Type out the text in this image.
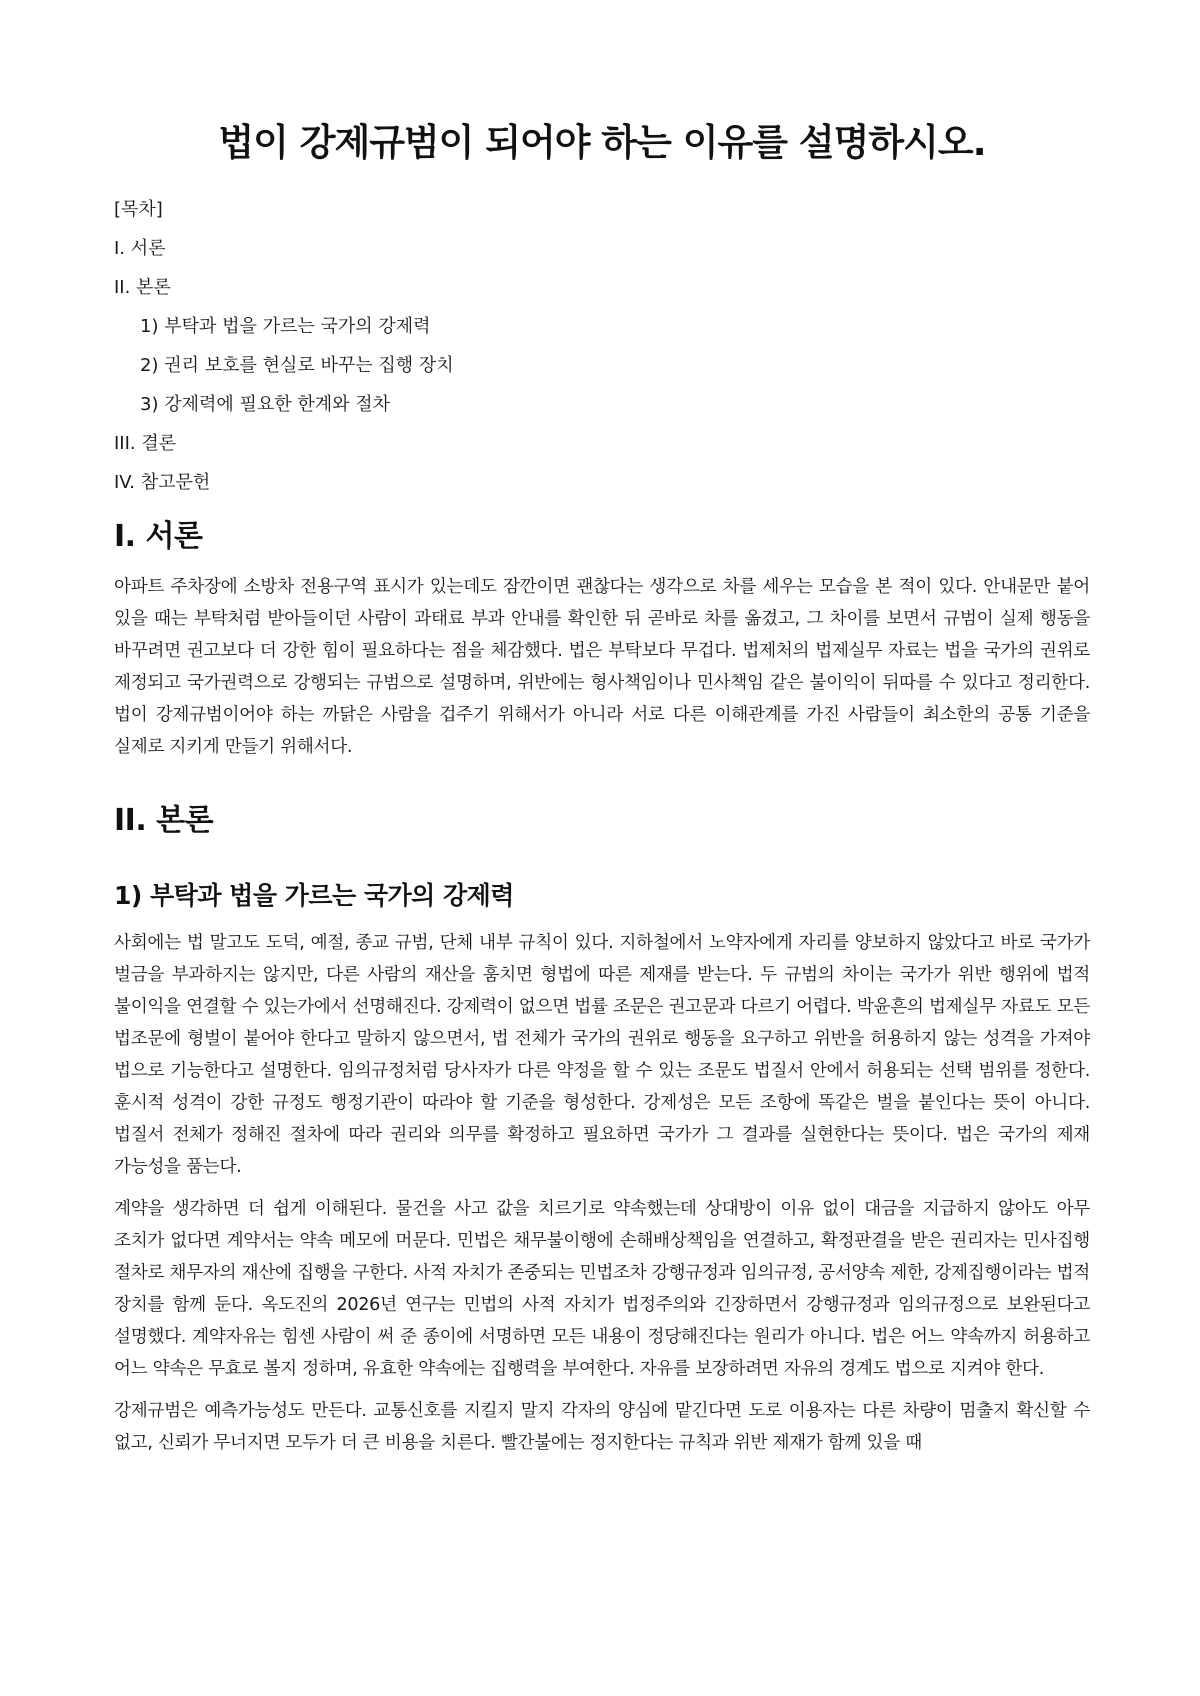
법이 강제규범이 되어야 하는 이유를 설명하시오.
[목차]
I. 서론
II. 본론
1) 부탁과 법을 가르는 국가의 강제력
2) 권리 보호를 현실로 바꾸는 집행 장치
3) 강제력에 필요한 한계와 절차
III. 결론
IV. 참고문헌
I. 서론

아파트 주차장에 소방차 전용구역 표시가 있는데도 잠깐이면 괜찮다는 생각으로 차를 세우는 모습을 본 적이 있다. 안내문만 붙어 있을 때는 부탁처럼 받아들이던 사람이 과태료 부과 안내를 확인한 뒤 곧바로 차를 옮겼고, 그 차이를 보면서 규범이 실제 행동을 바꾸려면 권고보다 더 강한 힘이 필요하다는 점을 체감했다. 법은 부탁보다 무겁다. 법제처의 법제실무 자료는 법을 국가의 권위로 제정되고 국가권력으로 강행되는 규범으로 설명하며, 위반에는 형사책임이나 민사책임 같은 불이익이 뒤따를 수 있다고 정리한다. 법이 강제규범이어야 하는 까닭은 사람을 겁주기 위해서가 아니라 서로 다른 이해관계를 가진 사람들이 최소한의 공통 기준을 실제로 지키게 만들기 위해서다.

II. 본론
1) 부탁과 법을 가르는 국가의 강제력

사회에는 법 말고도 도덕, 예절, 종교 규범, 단체 내부 규칙이 있다. 지하철에서 노약자에게 자리를 양보하지 않았다고 바로 국가가 벌금을 부과하지는 않지만, 다른 사람의 재산을 훔치면 형법에 따른 제재를 받는다. 두 규범의 차이는 국가가 위반 행위에 법적 불이익을 연결할 수 있는가에서 선명해진다. 강제력이 없으면 법률 조문은 권고문과 다르기 어렵다. 박윤흔의 법제실무 자료도 모든 법조문에 형벌이 붙어야 한다고 말하지 않으면서, 법 전체가 국가의 권위로 행동을 요구하고 위반을 허용하지 않는 성격을 가져야 법으로 기능한다고 설명한다. 임의규정처럼 당사자가 다른 약정을 할 수 있는 조문도 법질서 안에서 허용되는 선택 범위를 정한다. 훈시적 성격이 강한 규정도 행정기관이 따라야 할 기준을 형성한다. 강제성은 모든 조항에 똑같은 벌을 붙인다는 뜻이 아니다. 법질서 전체가 정해진 절차에 따라 권리와 의무를 확정하고 필요하면 국가가 그 결과를 실현한다는 뜻이다. 법은 국가의 제재 가능성을 품는다.

계약을 생각하면 더 쉽게 이해된다. 물건을 사고 값을 치르기로 약속했는데 상대방이 이유 없이 대금을 지급하지 않아도 아무 조치가 없다면 계약서는 약속 메모에 머문다. 민법은 채무불이행에 손해배상책임을 연결하고, 확정판결을 받은 권리자는 민사집행 절차로 채무자의 재산에 집행을 구한다. 사적 자치가 존중되는 민법조차 강행규정과 임의규정, 공서양속 제한, 강제집행이라는 법적 장치를 함께 둔다. 옥도진의 2026년 연구는 민법의 사적 자치가 법정주의와 긴장하면서 강행규정과 임의규정으로 보완된다고 설명했다. 계약자유는 힘센 사람이 써 준 종이에 서명하면 모든 내용이 정당해진다는 원리가 아니다. 법은 어느 약속까지 허용하고 어느 약속은 무효로 볼지 정하며, 유효한 약속에는 집행력을 부여한다. 자유를 보장하려면 자유의 경계도 법으로 지켜야 한다.

강제규범은 예측가능성도 만든다. 교통신호를 지킬지 말지 각자의 양심에 맡긴다면 도로 이용자는 다른 차량이 멈출지 확신할 수 없고, 신뢰가 무너지면 모두가 더 큰 비용을 치른다. 빨간불에는 정지한다는 규칙과 위반 제재가 함께 있을 때
